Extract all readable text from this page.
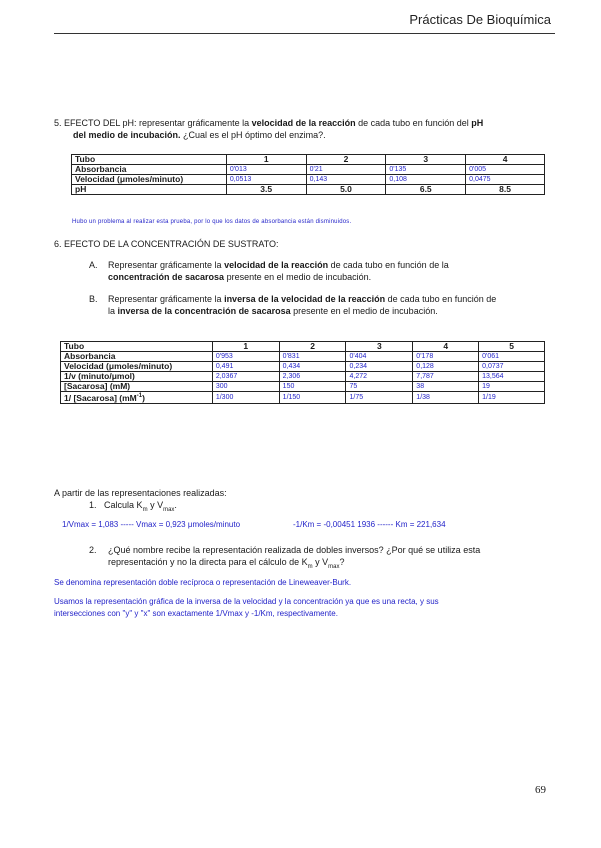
Prácticas De Bioquímica
5. EFECTO DEL pH: representar gráficamente la velocidad de la reacción de cada tubo en función del pH
del medio de incubación. ¿Cual es el pH óptimo del enzima?.
Tubo	1	2	3	4
Absorbancia	0'013	0'21	0'135	0'005
Velocidad (μmoles/minuto)	0,0513	0,143	0,108	0,0475
pH	3.5	5.0	6.5	8.5
Hubo un problema al realizar esta prueba, por lo que los datos de absorbancia están disminuidos.
6. EFECTO DE LA CONCENTRACIÓN DE SUSTRATO:
A. Representar gráficamente la velocidad de la reacción de cada tubo en función de la
concentración de sacarosa presente en el medio de incubación.
B. Representar gráficamente la inversa de la velocidad de la reacción de cada tubo en función de
la inversa de la concentración de sacarosa presente en el medio de incubación.
Tubo	1	2	3	4	5
Absorbancia	0'953	0'831	0'404	0'178	0'061
Velocidad (μmoles/minuto)	0,491	0,434	0,234	0,128	0,0737
1/v (minuto/μmol)	2,0367	2,306	4,272	7,787	13,564
[Sacarosa] (mM)	300	150	75	38	19
1/ [Sacarosa] $(mM^{-1})$	1/300	1/150	1/75	1/38	1/19
A partir de las representaciones realizadas:
1. Calcula $K_m$ y $V_{max}$.
1/Vmax = 1,083 ----- Vmax = 0,923 μmoles/minuto	-1/Km = -0,00451 1936 ------ Km = 221,634
2. ¿Qué nombre recibe la representación realizada de dobles inversos? ¿Por qué se utiliza esta
representación y no la directa para el cálculo de $K_m$ y $V_{max}$?
Se denomina representación doble recíproca o representación de Lineweaver-Burk.
Usamos la representación gráfica de la inversa de la velocidad y la concentración ya que es una recta, y sus
intersecciones con "y" y "x" son exactamente 1/Vmax y -1/Km, respectivamente.
69
